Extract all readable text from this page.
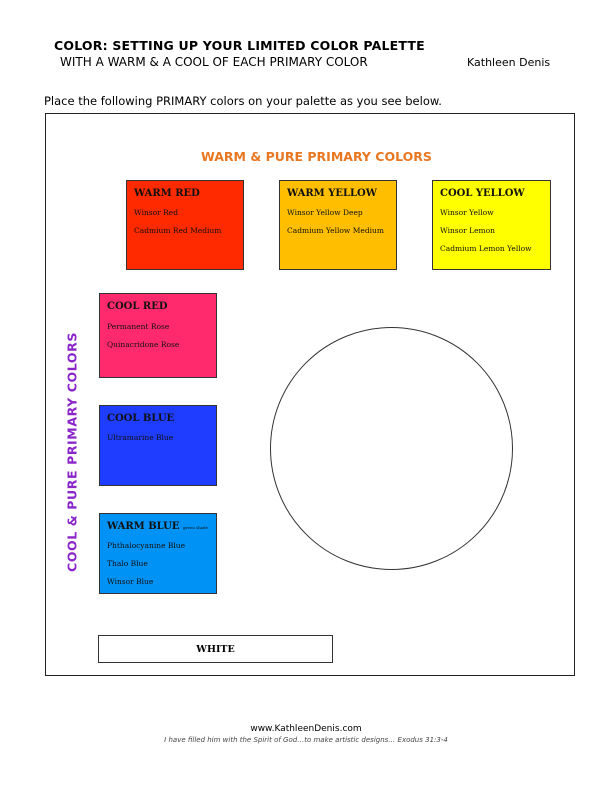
COLOR: SETTING UP YOUR LIMITED COLOR PALETTE
WITH A WARM & A COOL OF EACH PRIMARY COLOR	Kathleen Denis
Place the following PRIMARY colors on your palette as you see below.
WARM & PURE PRIMARY COLORS
COOL & PURE PRIMARY COLORS
WARM RED
Winsor Red
Cadmium Red Medium
WARM YELLOW
Winsor Yellow Deep
Cadmium Yellow Medium
COOL YELLOW
Winsor Yellow
Winsor Lemon
Cadmium Lemon Yellow
COOL RED
Permanent Rose
Quinacridone Rose
COOL BLUE
Ultramarine Blue
WARM BLUE green shade
Phthalocyanine Blue
Thalo Blue
Winsor Blue
WHITE
www.KathleenDenis.com
I have filled him with the Spirit of God…to make artistic designs… Exodus 31:3-4
